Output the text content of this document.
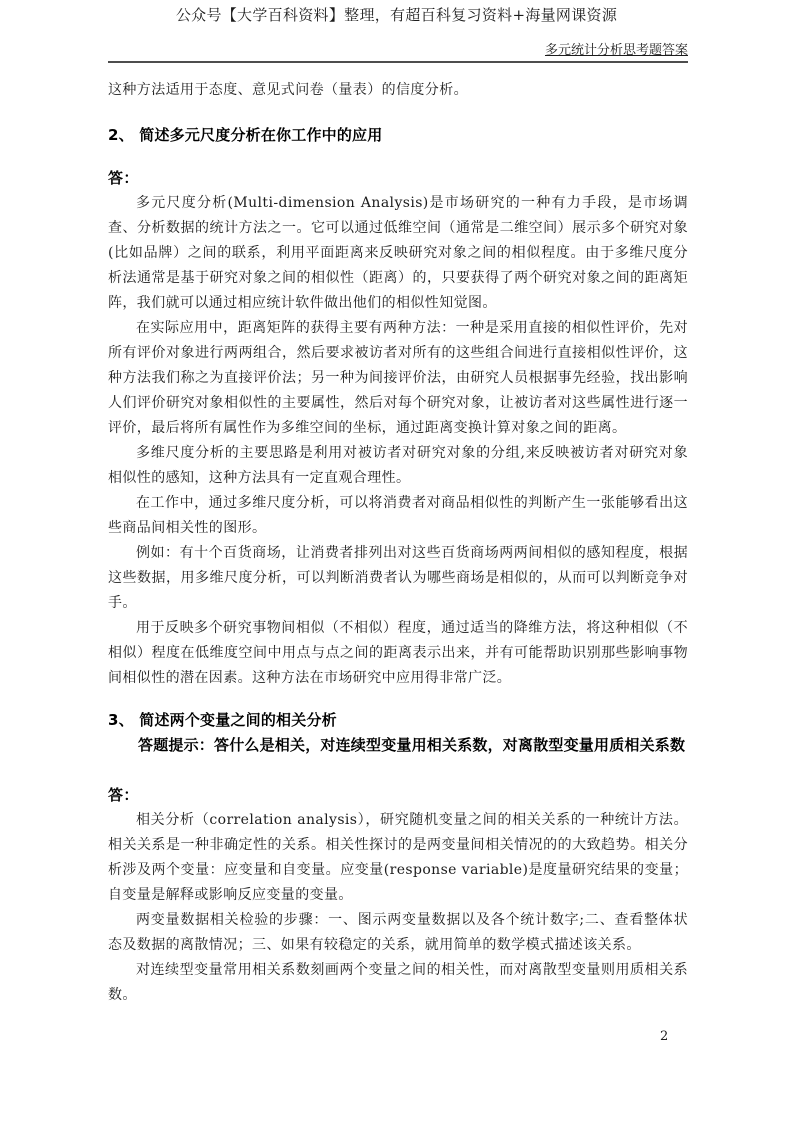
公众号【大学百科资料】整理，有超百科复习资料+海量网课资源
多元统计分析思考题答案

这种方法适用于态度、意见式问卷（量表）的信度分析。

2、 简述多元尺度分析在你工作中的应用

答：

多元尺度分析(Multi-dimension Analysis)是市场研究的一种有力手段，是市场调查、分析数据的统计方法之一。它可以通过低维空间（通常是二维空间）展示多个研究对象(比如品牌）之间的联系，利用平面距离来反映研究对象之间的相似程度。由于多维尺度分析法通常是基于研究对象之间的相似性（距离）的，只要获得了两个研究对象之间的距离矩阵，我们就可以通过相应统计软件做出他们的相似性知觉图。

在实际应用中，距离矩阵的获得主要有两种方法：一种是采用直接的相似性评价，先对所有评价对象进行两两组合，然后要求被访者对所有的这些组合间进行直接相似性评价，这种方法我们称之为直接评价法；另一种为间接评价法，由研究人员根据事先经验，找出影响人们评价研究对象相似性的主要属性，然后对每个研究对象，让被访者对这些属性进行逐一评价，最后将所有属性作为多维空间的坐标，通过距离变换计算对象之间的距离。

多维尺度分析的主要思路是利用对被访者对研究对象的分组,来反映被访者对研究对象相似性的感知，这种方法具有一定直观合理性。

在工作中，通过多维尺度分析，可以将消费者对商品相似性的判断产生一张能够看出这些商品间相关性的图形。

例如：有十个百货商场，让消费者排列出对这些百货商场两两间相似的感知程度，根据这些数据，用多维尺度分析，可以判断消费者认为哪些商场是相似的，从而可以判断竞争对手。

用于反映多个研究事物间相似（不相似）程度，通过适当的降维方法，将这种相似（不相似）程度在低维度空间中用点与点之间的距离表示出来，并有可能帮助识别那些影响事物间相似性的潜在因素。这种方法在市场研究中应用得非常广泛。

3、 简述两个变量之间的相关分析

答题提示：答什么是相关，对连续型变量用相关系数，对离散型变量用质相关系数

答：

相关分析（correlation analysis），研究随机变量之间的相关关系的一种统计方法。相关关系是一种非确定性的关系。相关性探讨的是两变量间相关情况的的大致趋势。相关分析涉及两个变量：应变量和自变量。应变量(response variable)是度量研究结果的变量；自变量是解释或影响反应变量的变量。

两变量数据相关检验的步骤：一、图示两变量数据以及各个统计数字;二、查看整体状态及数据的离散情况；三、如果有较稳定的关系，就用简单的数学模式描述该关系。

对连续型变量常用相关系数刻画两个变量之间的相关性，而对离散型变量则用质相关系数。

2
